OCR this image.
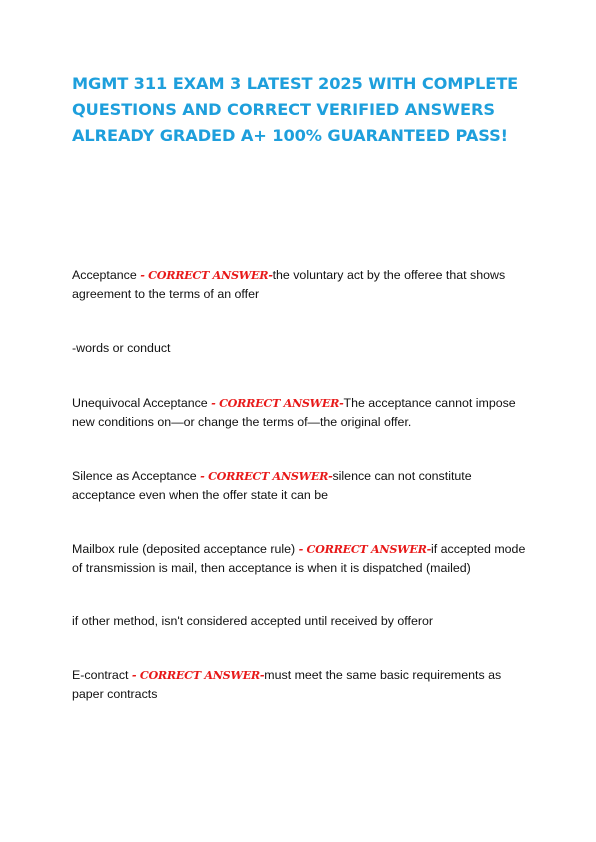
MGMT 311 EXAM 3 LATEST 2025 WITH COMPLETE QUESTIONS AND CORRECT VERIFIED ANSWERS ALREADY GRADED A+ 100% GUARANTEED PASS!

Acceptance - CORRECT ANSWER-the voluntary act by the offeree that shows agreement to the terms of an offer

-words or conduct

Unequivocal Acceptance - CORRECT ANSWER-The acceptance cannot impose new conditions on—or change the terms of—the original offer.

Silence as Acceptance - CORRECT ANSWER-silence can not constitute acceptance even when the offer state it can be

Mailbox rule (deposited acceptance rule) - CORRECT ANSWER-if accepted mode of transmission is mail, then acceptance is when it is dispatched (mailed)

if other method, isn't considered accepted until received by offeror

E-contract - CORRECT ANSWER-must meet the same basic requirements as paper contracts
